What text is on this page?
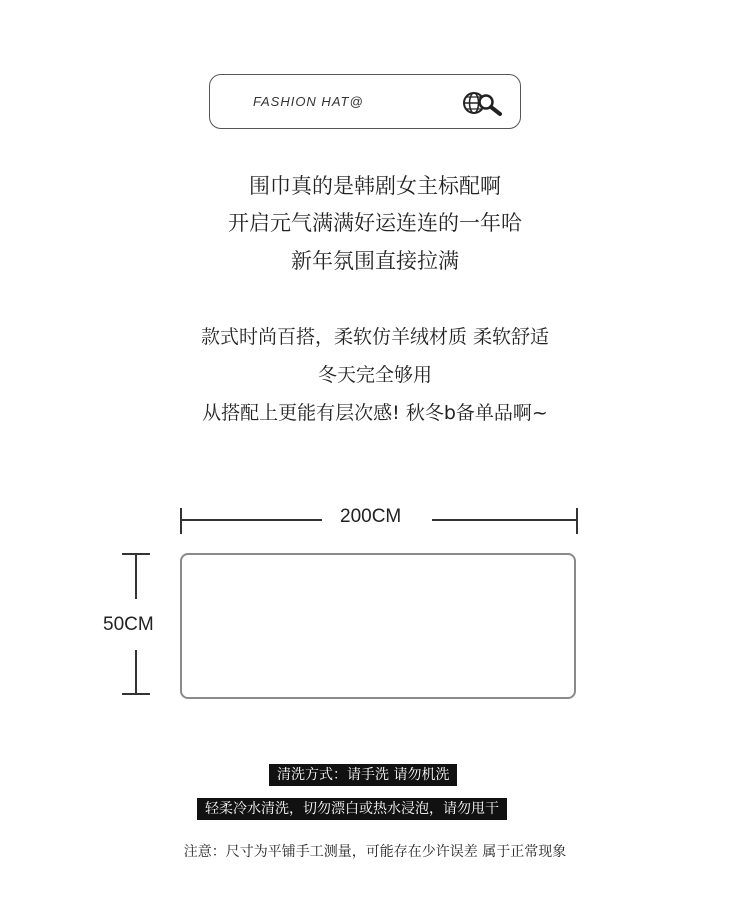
FASHION HAT@
围巾真的是韩剧女主标配啊
开启元气满满好运连连的一年哈
新年氛围直接拉满
款式时尚百搭，柔软仿羊绒材质 柔软舒适
冬天完全够用
从搭配上更能有层次感! 秋冬b备单品啊~
200CM
50CM
清洗方式：请手洗 请勿机洗
轻柔冷水清洗，切勿漂白或热水浸泡，请勿甩干
注意：尺寸为平铺手工测量，可能存在少许误差 属于正常现象
